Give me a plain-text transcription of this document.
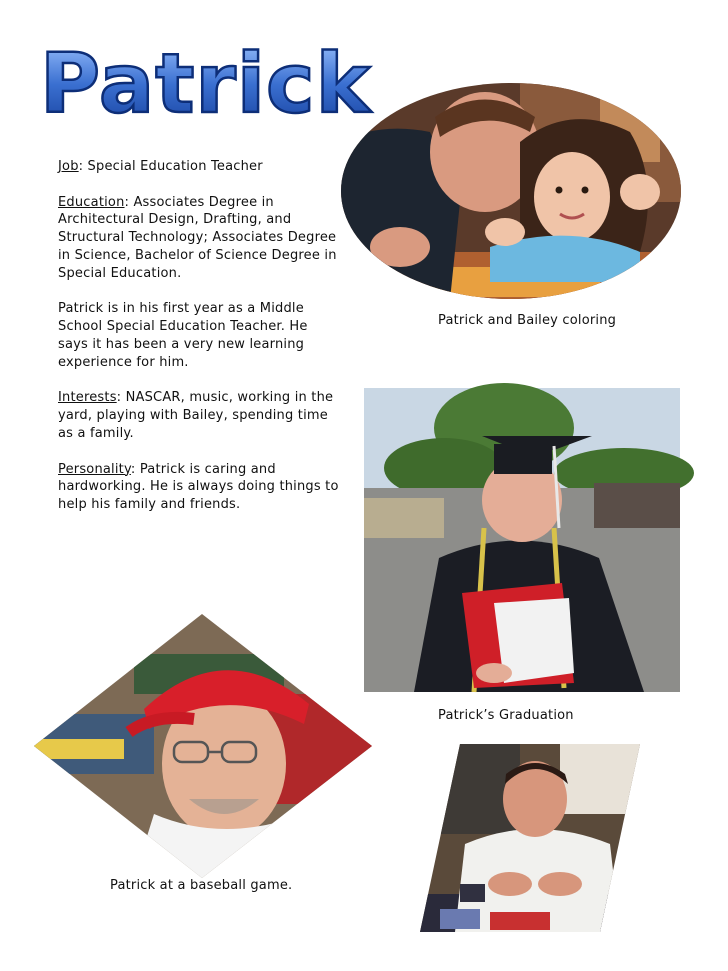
Patrick

Job: Special Education Teacher

Education: Associates Degree in Architectural Design, Drafting, and Structural Technology; Associates Degree in Science, Bachelor of Science Degree in Special Education.

Patrick is in his first year as a Middle School Special Education Teacher. He says it has been a very new learning experience for him.

Interests: NASCAR, music, working in the yard, playing with Bailey, spending time as a family.

Personality: Patrick is caring and hardworking. He is always doing things to help his family and friends.

Patrick and Bailey coloring
Patrick’s Graduation
Patrick at a baseball game.
